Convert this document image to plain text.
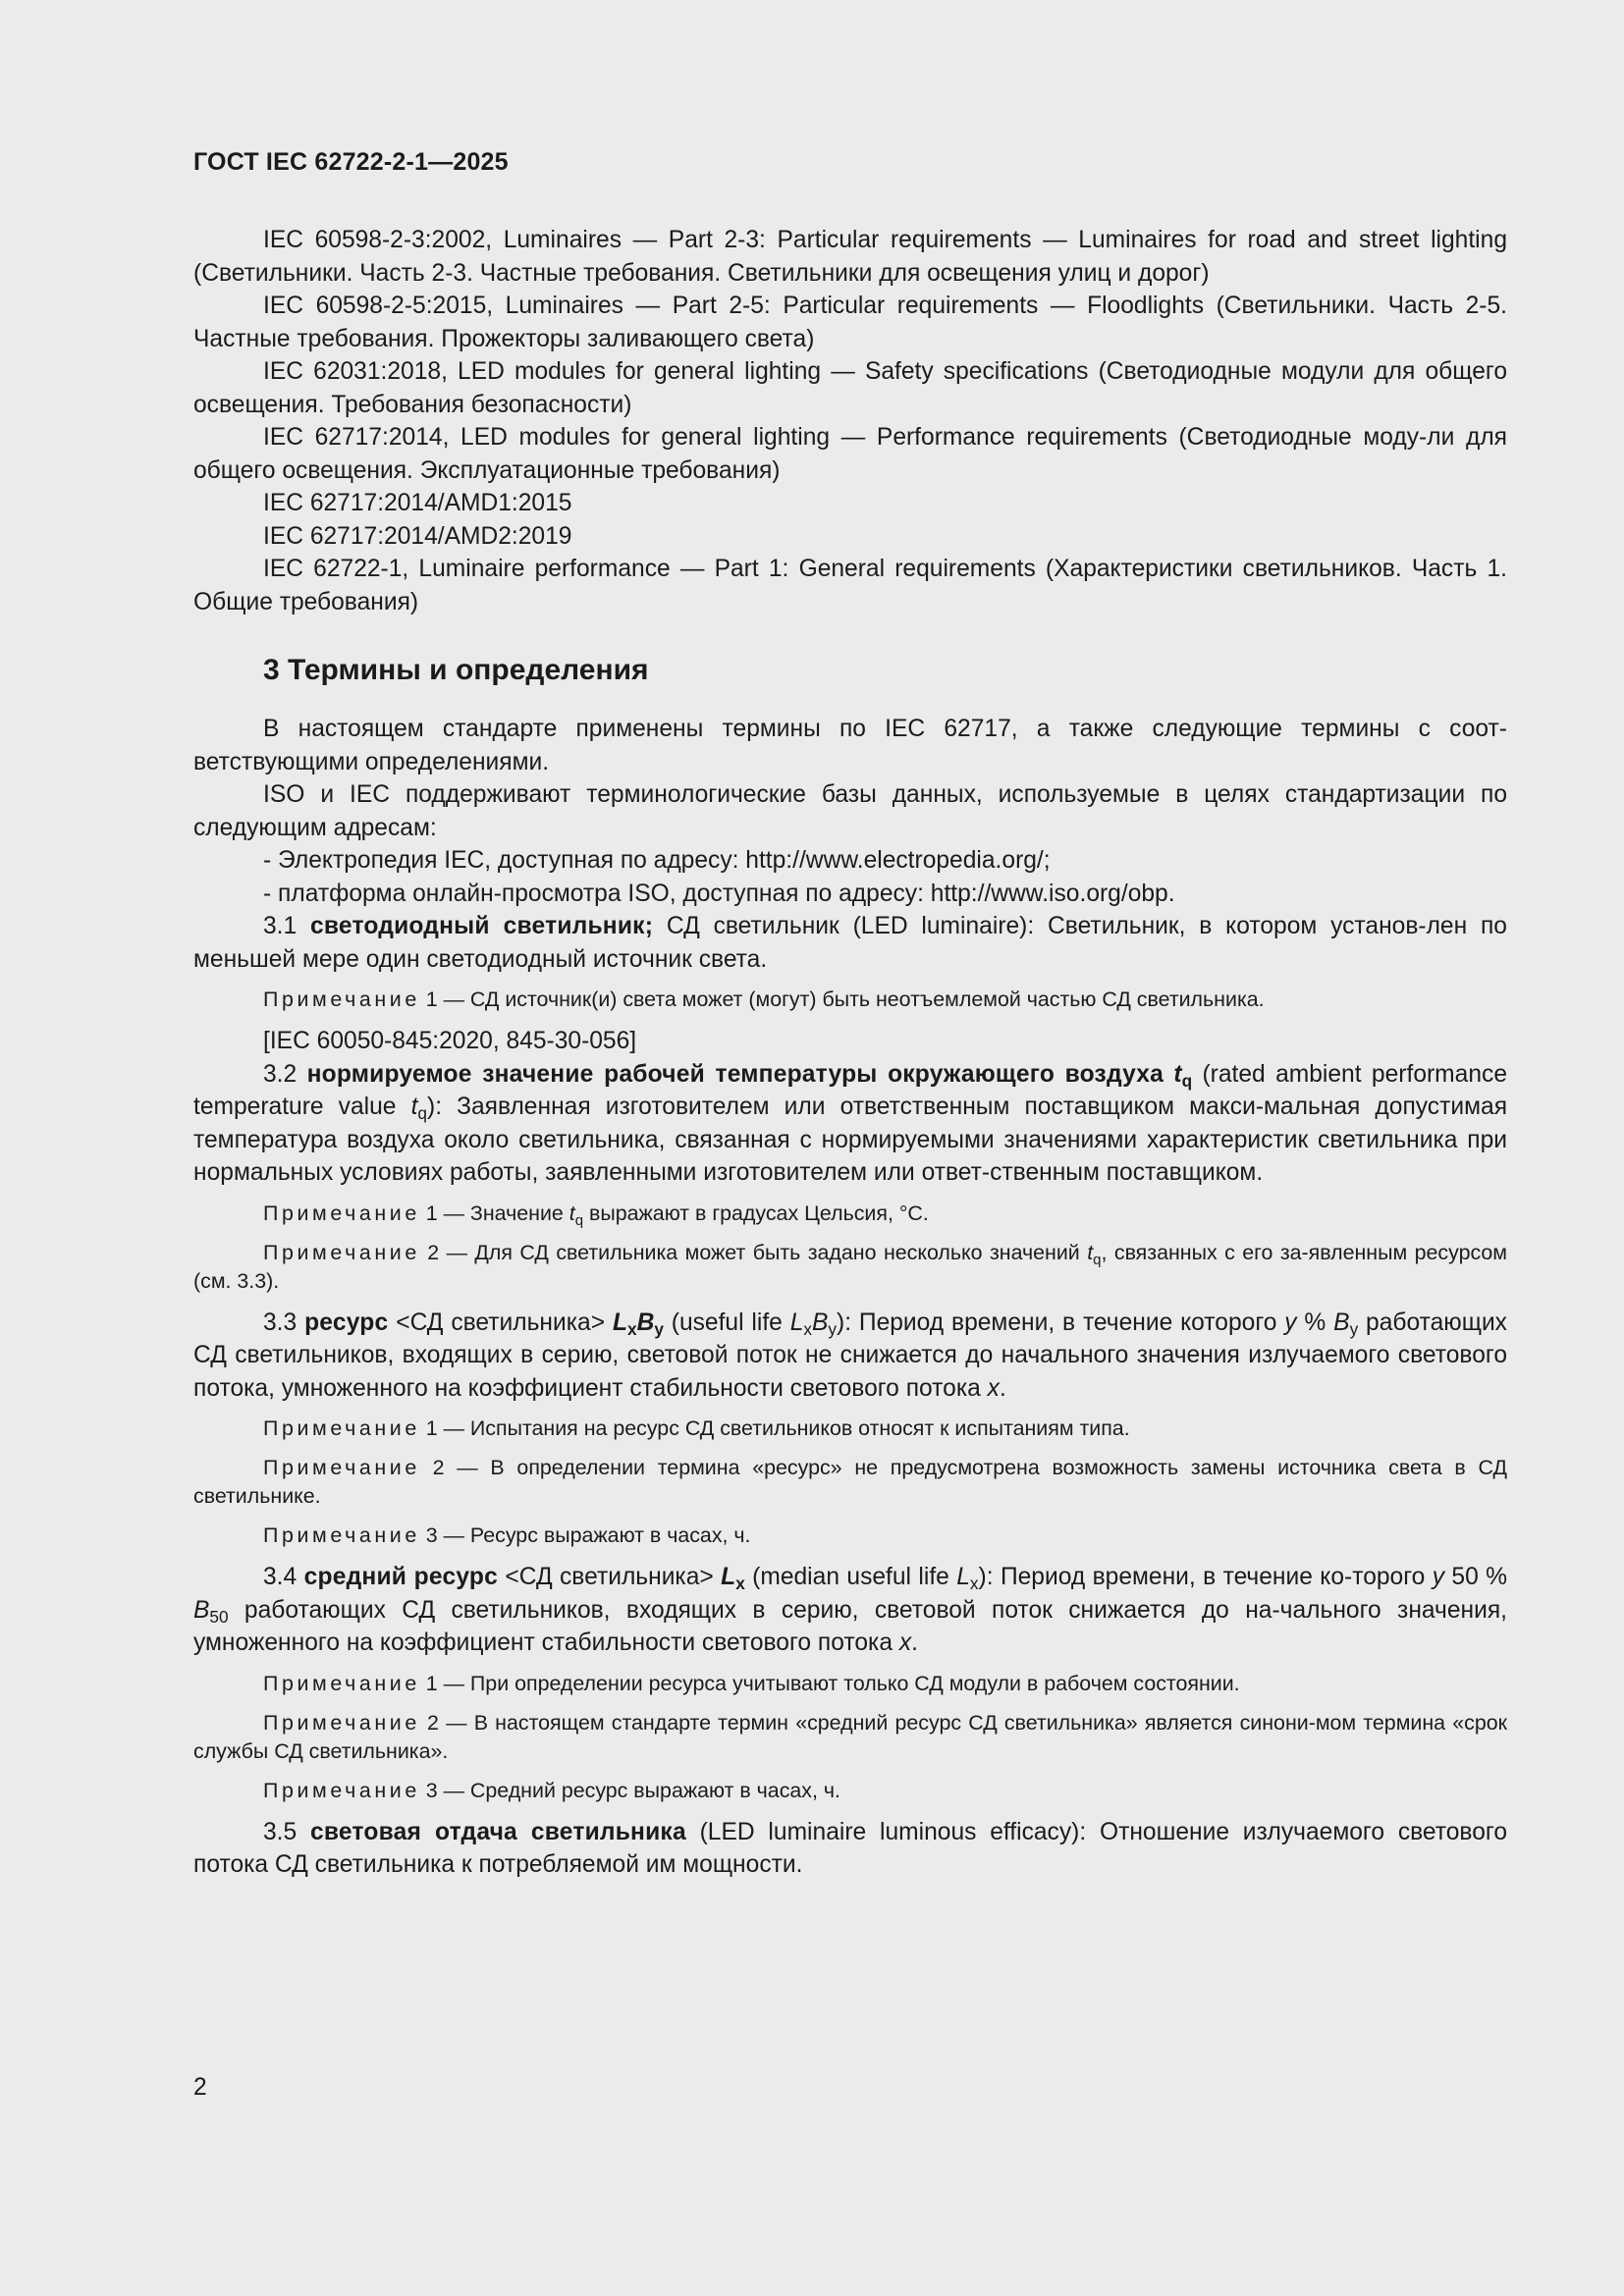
ГОСТ IEC 62722-2-1—2025

IEC 60598-2-3:2002, Luminaires — Part 2-3: Particular requirements — Luminaires for road and street lighting (Светильники. Часть 2-3. Частные требования. Светильники для освещения улиц и дорог)

IEC 60598-2-5:2015, Luminaires — Part 2-5: Particular requirements — Floodlights (Светильники. Часть 2-5. Частные требования. Прожекторы заливающего света)

IEC 62031:2018, LED modules for general lighting — Safety specifications (Светодиодные модули для общего освещения. Требования безопасности)

IEC 62717:2014, LED modules for general lighting — Performance requirements (Светодиодные моду-ли для общего освещения. Эксплуатационные требования)

IEC 62717:2014/AMD1:2015

IEC 62717:2014/AMD2:2019

IEC 62722-1, Luminaire performance — Part 1: General requirements (Характеристики светильников. Часть 1. Общие требования)

3 Термины и определения

В настоящем стандарте применены термины по IEC 62717, а также следующие термины с соот-ветствующими определениями.

ISO и IEC поддерживают терминологические базы данных, используемые в целях стандартизации по следующим адресам:

- Электропедия IEC, доступная по адресу: http://www.electropedia.org/;

- платформа онлайн-просмотра ISO, доступная по адресу: http://www.iso.org/obp.

3.1 светодиодный светильник; СД светильник (LED luminaire): Светильник, в котором установ-лен по меньшей мере один светодиодный источник света.

Примечание 1 — СД источник(и) света может (могут) быть неотъемлемой частью СД светильника.

[IEC 60050-845:2020, 845-30-056]

3.2 нормируемое значение рабочей температуры окружающего воздуха $t_q$ (rated ambient performance temperature value $t_q$): Заявленная изготовителем или ответственным поставщиком макси-мальная допустимая температура воздуха около светильника, связанная с нормируемыми значениями характеристик светильника при нормальных условиях работы, заявленными изготовителем или ответ-ственным поставщиком.

Примечание 1 — Значение $t_q$ выражают в градусах Цельсия, °C.

Примечание 2 — Для СД светильника может быть задано несколько значений $t_q$, связанных с его за-явленным ресурсом (см. 3.3).

3.3 ресурс <СД светильника> $L_xB_y$ (useful life $L_xB_y$): Период времени, в течение которого y % $B_y$ работающих СД светильников, входящих в серию, световой поток не снижается до начального значения излучаемого светового потока, умноженного на коэффициент стабильности светового потока x.

Примечание 1 — Испытания на ресурс СД светильников относят к испытаниям типа.

Примечание 2 — В определении термина «ресурс» не предусмотрена возможность замены источника света в СД светильнике.

Примечание 3 — Ресурс выражают в часах, ч.

3.4 средний ресурс <СД светильника> $L_x$ (median useful life $L_x$): Период времени, в течение ко-торого y 50 % $B_{50}$ работающих СД светильников, входящих в серию, световой поток снижается до на-чального значения, умноженного на коэффициент стабильности светового потока x.

Примечание 1 — При определении ресурса учитывают только СД модули в рабочем состоянии.

Примечание 2 — В настоящем стандарте термин «средний ресурс СД светильника» является синони-мом термина «срок службы СД светильника».

Примечание 3 — Средний ресурс выражают в часах, ч.

3.5 световая отдача светильника (LED luminaire luminous efficacy): Отношение излучаемого светового потока СД светильника к потребляемой им мощности.

2
